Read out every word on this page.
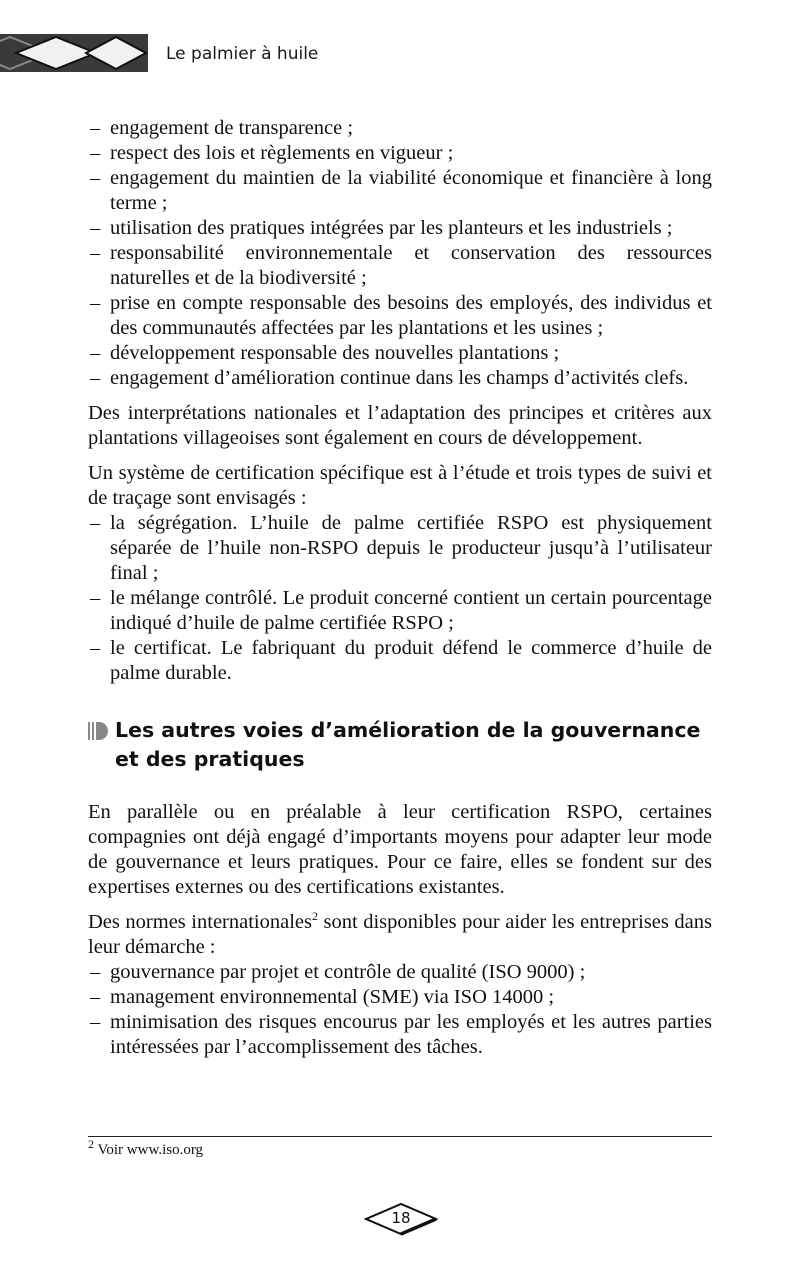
Le palmier à huile
– engagement de transparence ;
– respect des lois et règlements en vigueur ;
– engagement du maintien de la viabilité économique et financière à long terme ;
– utilisation des pratiques intégrées par les planteurs et les industriels ;
– responsabilité environnementale et conservation des ressources naturelles et de la biodiversité ;
– prise en compte responsable des besoins des employés, des individus et des communautés affectées par les plantations et les usines ;
– développement responsable des nouvelles plantations ;
– engagement d’amélioration continue dans les champs d’activités clefs.

Des interprétations nationales et l’adaptation des principes et critères aux plantations villageoises sont également en cours de développement.

Un système de certification spécifique est à l’étude et trois types de suivi et de traçage sont envisagés :

– la ségrégation. L’huile de palme certifiée RSPO est physiquement séparée de l’huile non-RSPO depuis le producteur jusqu’à l’utilisateur final ;
– le mélange contrôlé. Le produit concerné contient un certain pourcentage indiqué d’huile de palme certifiée RSPO ;
– le certificat. Le fabriquant du produit défend le commerce d’huile de palme durable.
Les autres voies d’amélioration de la gouvernance et des pratiques

En parallèle ou en préalable à leur certification RSPO, certaines compagnies ont déjà engagé d’importants moyens pour adapter leur mode de gouvernance et leurs pratiques. Pour ce faire, elles se fondent sur des expertises externes ou des certifications existantes.

Des normes internationales$^2$ sont disponibles pour aider les entreprises dans leur démarche :

– gouvernance par projet et contrôle de qualité (ISO 9000) ;
– management environnemental (SME) via ISO 14000 ;
– minimisation des risques encourus par les employés et les autres parties intéressées par l’accomplissement des tâches.
$^2$ Voir www.iso.org
18
